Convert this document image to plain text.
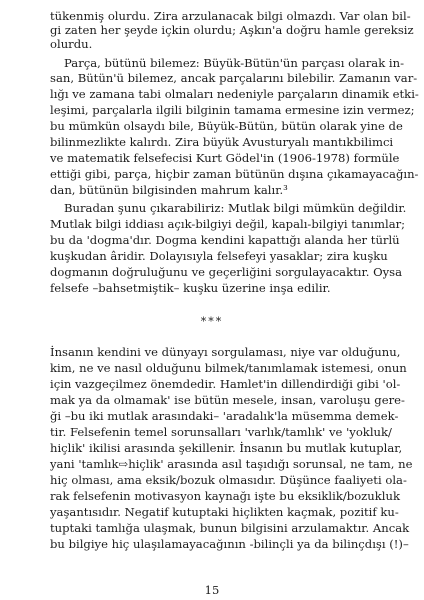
tükenmiş olurdu. Zira arzulanacak bilgi olmazdı. Var olan bil-
gi zaten her şeyde içkin olurdu; Aşkın'a doğru hamle gereksiz
olurdu.
Parça, bütünü bilemez: Büyük-Bütün'ün parçası olarak in-
san, Bütün'ü bilemez, ancak parçalarını bilebilir. Zamanın var-
lığı ve zamana tabi olmaları nedeniyle parçaların dinamik etki-
leşimi, parçalarla ilgili bilginin tamama ermesine izin vermez;
bu mümkün olsaydı bile, Büyük-Bütün, bütün olarak yine de
bilinmezlikte kalırdı. Zira büyük Avusturyalı mantıkbilimci
ve matematik felsefecisi Kurt Gödel'in (1906-1978) formüle
ettiği gibi, parça, hiçbir zaman bütünün dışına çıkamayacağın-
dan, bütünün bilgisinden mahrum kalır.³
Buradan şunu çıkarabiliriz: Mutlak bilgi mümkün değildir.
Mutlak bilgi iddiası açık-bilgiyi değil, kapalı-bilgiyi tanımlar;
bu da 'dogma'dır. Dogma kendini kapattığı alanda her türlü
kuşkudan âridir. Dolayısıyla felsefeyi yasaklar; zira kuşku
dogmanın doğruluğunu ve geçerliğini sorgulayacaktır. Oysa
felsefe –bahsetmiştik– kuşku üzerine inşa edilir.
***
İnsanın kendini ve dünyayı sorgulaması, niye var olduğunu,
kim, ne ve nasıl olduğunu bilmek/tanımlamak istemesi, onun
için vazgeçilmez önemdedir. Hamlet'in dillendirdiği gibi 'ol-
mak ya da olmamak' ise bütün mesele, insan, varoluşu gere-
ği –bu iki mutlak arasındaki– 'aradalık'la müsemma demek-
tir. Felsefenin temel sorunsalları 'varlık/tamlık' ve 'yokluk/
hiçlik' ikilisi arasında şekillenir. İnsanın bu mutlak kutuplar,
yani 'tamlık⇨hiçlik' arasında asıl taşıdığı sorunsal, ne tam, ne
hiç olması, ama eksik/bozuk olmasıdır. Düşünce faaliyeti ola-
rak felsefenin motivasyon kaynağı işte bu eksiklik/bozukluk
yaşantısıdır. Negatif kutuptaki hiçlikten kaçmak, pozitif ku-
tuptaki tamlığa ulaşmak, bunun bilgisini arzulamaktır. Ancak
bu bilgiye hiç ulaşılamayacağının -bilinçli ya da bilinçdışı (!)–
15
